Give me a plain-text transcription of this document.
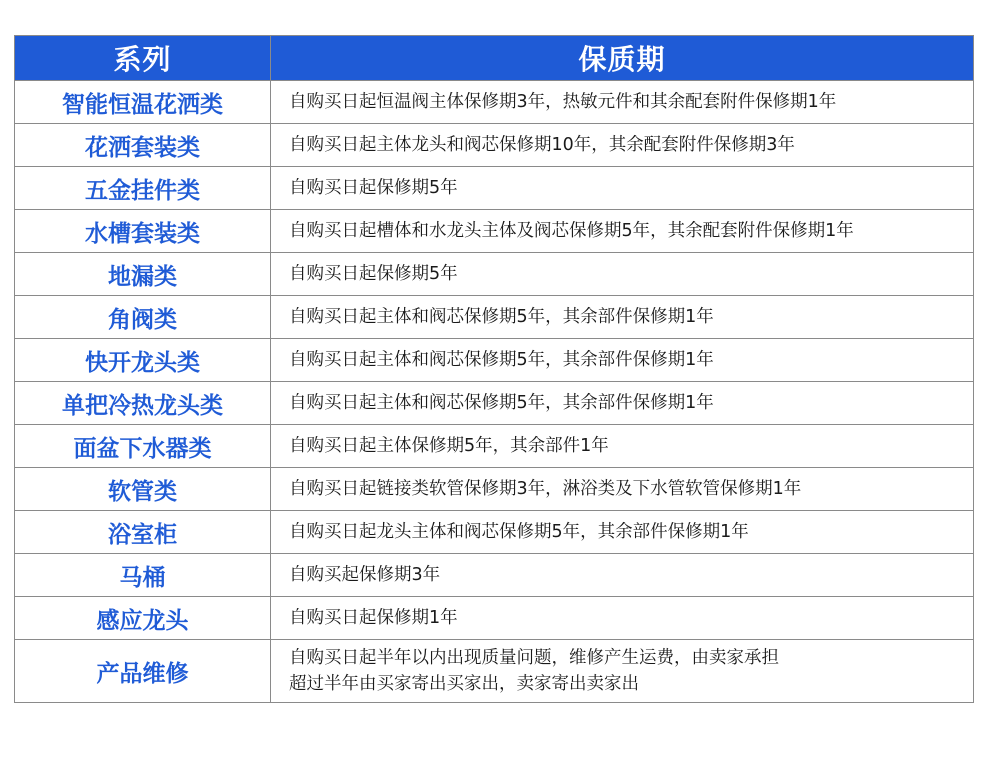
系列	保质期
智能恒温花洒类	自购买日起恒温阀主体保修期3年，热敏元件和其余配套附件保修期1年

花洒套装类	自购买日起主体龙头和阀芯保修期10年，其余配套附件保修期3年

五金挂件类	自购买日起保修期5年

水槽套装类	自购买日起槽体和水龙头主体及阀芯保修期5年，其余配套附件保修期1年

地漏类	自购买日起保修期5年

角阀类	自购买日起主体和阀芯保修期5年，其余部件保修期1年

快开龙头类	自购买日起主体和阀芯保修期5年，其余部件保修期1年

单把冷热龙头类	自购买日起主体和阀芯保修期5年，其余部件保修期1年

面盆下水器类	自购买日起主体保修期5年，其余部件1年

软管类	自购买日起链接类软管保修期3年，淋浴类及下水管软管保修期1年

浴室柜	自购买日起龙头主体和阀芯保修期5年，其余部件保修期1年

马桶	自购买起保修期3年

感应龙头	自购买日起保修期1年

产品维修	自购买日起半年以内出现质量问题，维修产生运费，由卖家承担
超过半年由买家寄出买家出，卖家寄出卖家出
